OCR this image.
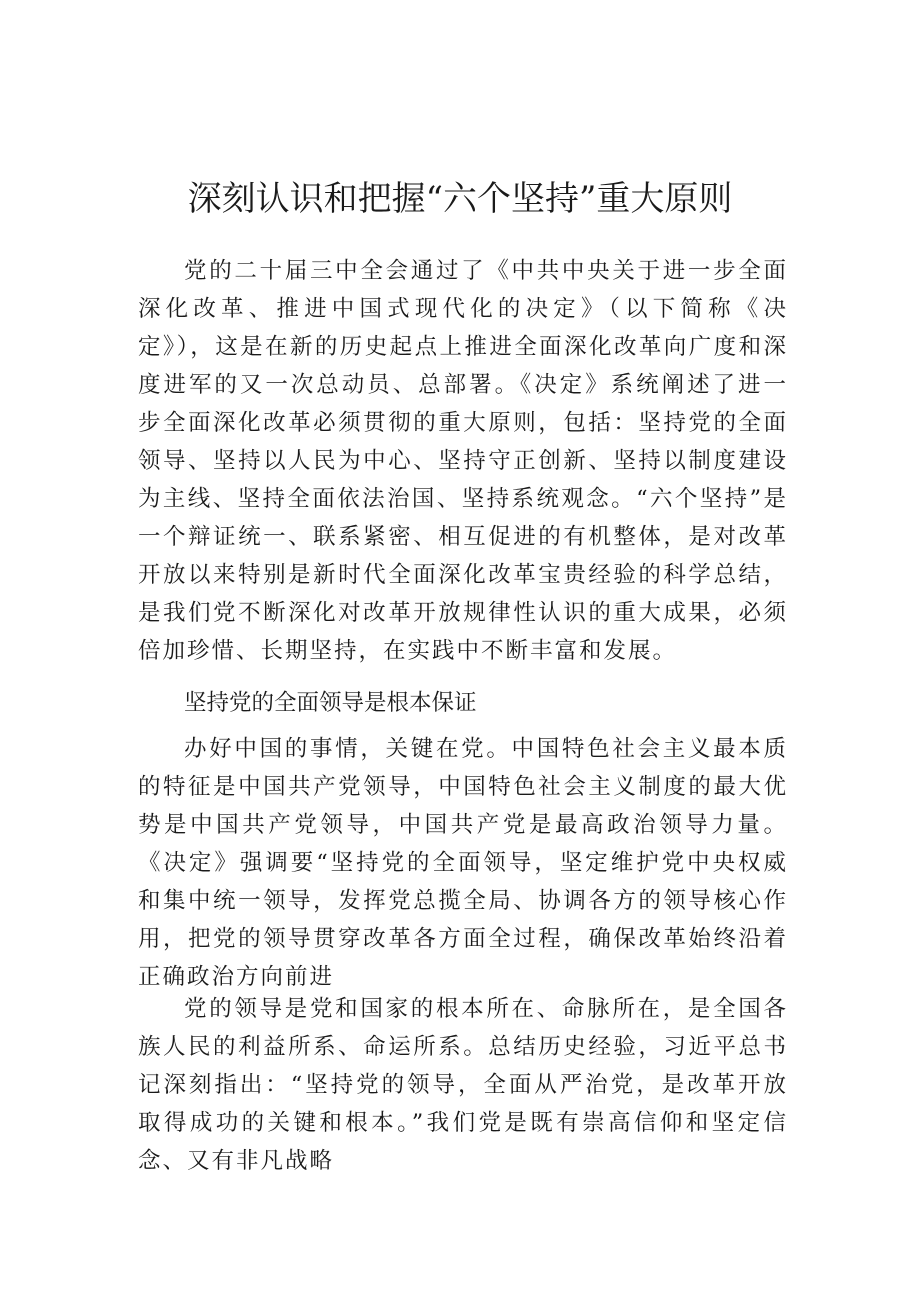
深刻认识和把握“六个坚持”重大原则

党的二十届三中全会通过了《中共中央关于进一步全面深化改革、推进中国式现代化的决定》（以下简称《决定》），这是在新的历史起点上推进全面深化改革向广度和深度进军的又一次总动员、总部署。《决定》系统阐述了进一步全面深化改革必须贯彻的重大原则，包括：坚持党的全面领导、坚持以人民为中心、坚持守正创新、坚持以制度建设为主线、坚持全面依法治国、坚持系统观念。“六个坚持”是一个辩证统一、联系紧密、相互促进的有机整体，是对改革开放以来特别是新时代全面深化改革宝贵经验的科学总结，是我们党不断深化对改革开放规律性认识的重大成果，必须倍加珍惜、长期坚持，在实践中不断丰富和发展。

坚持党的全面领导是根本保证

办好中国的事情，关键在党。中国特色社会主义最本质的特征是中国共产党领导，中国特色社会主义制度的最大优势是中国共产党领导，中国共产党是最高政治领导力量。《决定》强调要“坚持党的全面领导，坚定维护党中央权威和集中统一领导，发挥党总揽全局、协调各方的领导核心作用，把党的领导贯穿改革各方面全过程，确保改革始终沿着正确政治方向前进

党的领导是党和国家的根本所在、命脉所在，是全国各族人民的利益所系、命运所系。总结历史经验，习近平总书记深刻指出：“坚持党的领导，全面从严治党，是改革开放取得成功的关键和根本。”我们党是既有崇高信仰和坚定信念、又有非凡战略
